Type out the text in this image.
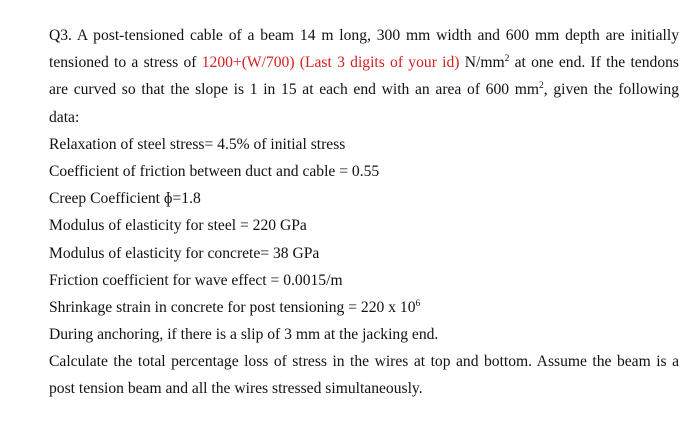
Q3. A post-tensioned cable of a beam 14 m long, 300 mm width and 600 mm depth are initially
tensioned to a stress of 1200+(W/700) (Last 3 digits of your id) $N/mm^2$ at one end. If the tendons
are curved so that the slope is 1 in 15 at each end with an area of 600 $mm^2$, given the following
data:
Relaxation of steel stress= 4.5% of initial stress
Coefficient of friction between duct and cable = 0.55
Creep Coefficient ɸ=1.8
Modulus of elasticity for steel = 220 GPa
Modulus of elasticity for concrete= 38 GPa
Friction coefficient for wave effect = 0.0015/m
Shrinkage strain in concrete for post tensioning = 220 x $10^6$
During anchoring, if there is a slip of 3 mm at the jacking end.
Calculate the total percentage loss of stress in the wires at top and bottom. Assume the beam is a
post tension beam and all the wires stressed simultaneously.
